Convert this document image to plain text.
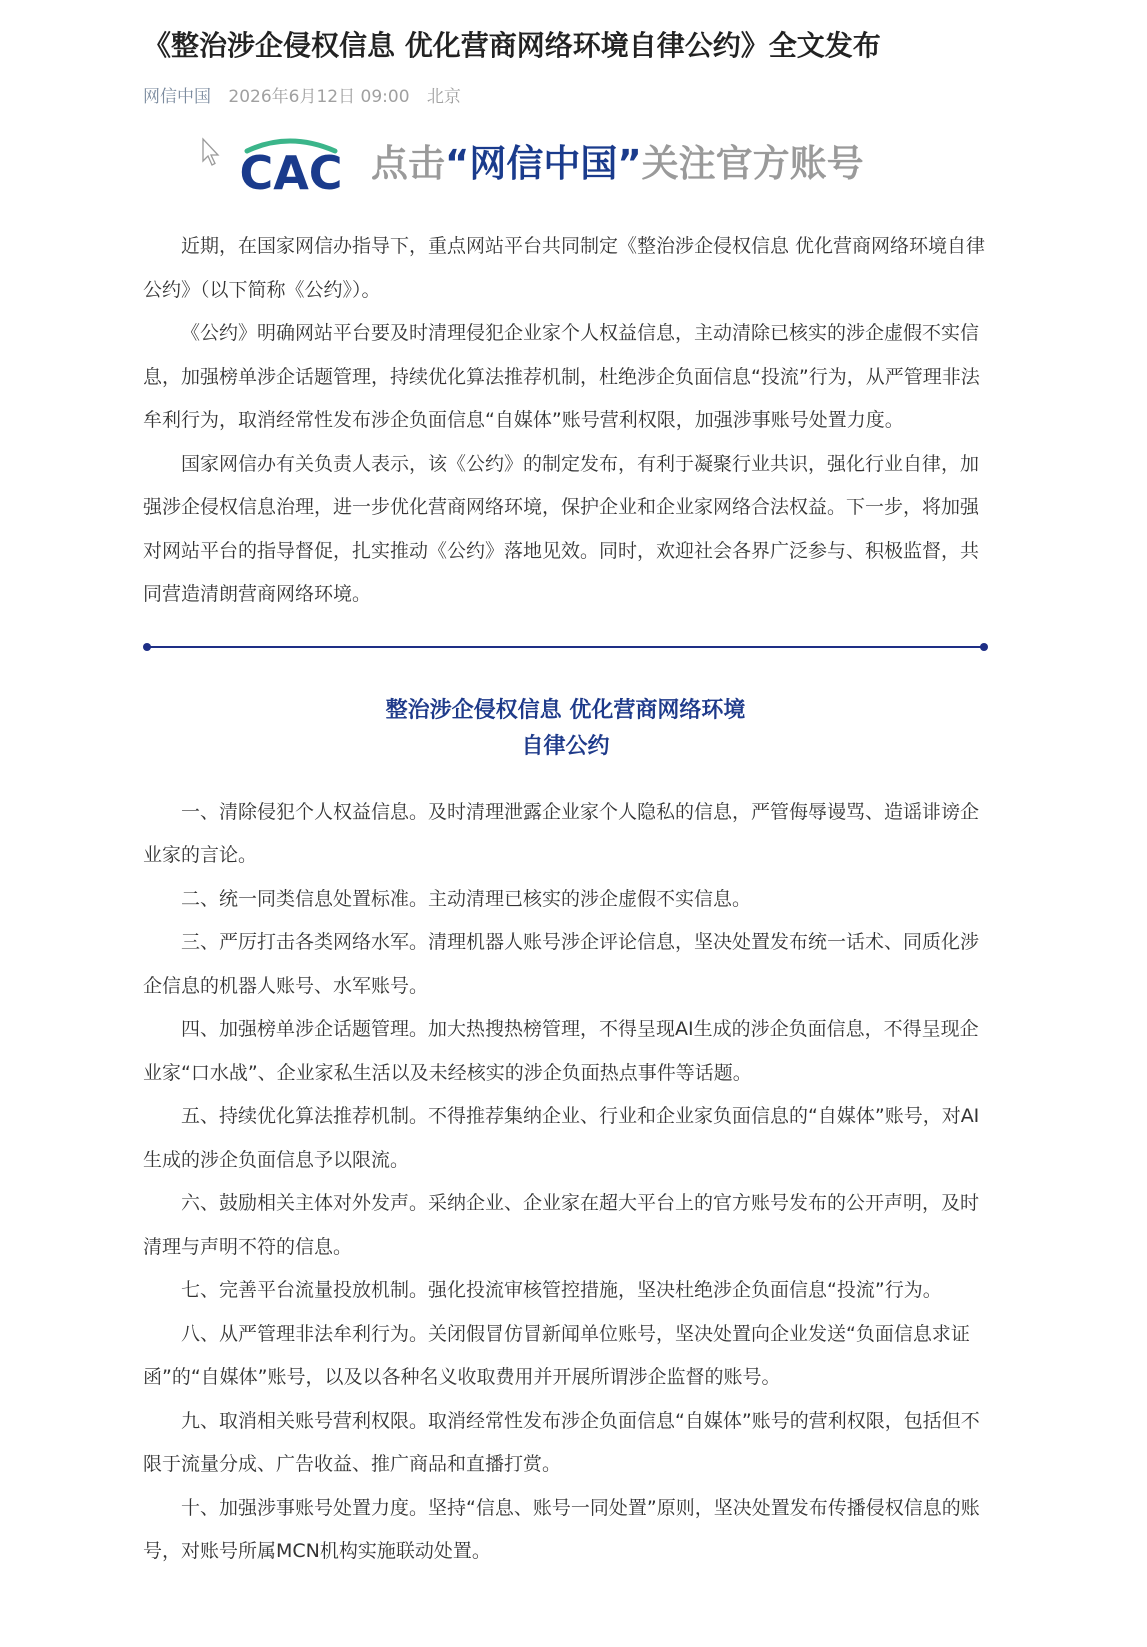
《整治涉企侵权信息 优化营商网络环境自律公约》全文发布
网信中国 2026年6月12日 09:00 北京
CAC 点击“网信中国”关注官方账号

近期，在国家网信办指导下，重点网站平台共同制定《整治涉企侵权信息 优化营商网络环境自律公约》（以下简称《公约》）。

《公约》明确网站平台要及时清理侵犯企业家个人权益信息，主动清除已核实的涉企虚假不实信息，加强榜单涉企话题管理，持续优化算法推荐机制，杜绝涉企负面信息“投流”行为，从严管理非法牟利行为，取消经常性发布涉企负面信息“自媒体”账号营利权限，加强涉事账号处置力度。

国家网信办有关负责人表示，该《公约》的制定发布，有利于凝聚行业共识，强化行业自律，加强涉企侵权信息治理，进一步优化营商网络环境，保护企业和企业家网络合法权益。下一步，将加强对网站平台的指导督促，扎实推动《公约》落地见效。同时，欢迎社会各界广泛参与、积极监督，共同营造清朗营商网络环境。

整治涉企侵权信息 优化营商网络环境
自律公约

一、清除侵犯个人权益信息。及时清理泄露企业家个人隐私的信息，严管侮辱谩骂、造谣诽谤企业家的言论。

二、统一同类信息处置标准。主动清理已核实的涉企虚假不实信息。

三、严厉打击各类网络水军。清理机器人账号涉企评论信息，坚决处置发布统一话术、同质化涉企信息的机器人账号、水军账号。

四、加强榜单涉企话题管理。加大热搜热榜管理，不得呈现AI生成的涉企负面信息，不得呈现企业家“口水战”、企业家私生活以及未经核实的涉企负面热点事件等话题。

五、持续优化算法推荐机制。不得推荐集纳企业、行业和企业家负面信息的“自媒体”账号，对AI生成的涉企负面信息予以限流。

六、鼓励相关主体对外发声。采纳企业、企业家在超大平台上的官方账号发布的公开声明，及时清理与声明不符的信息。

七、完善平台流量投放机制。强化投流审核管控措施，坚决杜绝涉企负面信息“投流”行为。

八、从严管理非法牟利行为。关闭假冒仿冒新闻单位账号，坚决处置向企业发送“负面信息求证函”的“自媒体”账号，以及以各种名义收取费用并开展所谓涉企监督的账号。

九、取消相关账号营利权限。取消经常性发布涉企负面信息“自媒体”账号的营利权限，包括但不限于流量分成、广告收益、推广商品和直播打赏。

十、加强涉事账号处置力度。坚持“信息、账号一同处置”原则，坚决处置发布传播侵权信息的账号，对账号所属MCN机构实施联动处置。
